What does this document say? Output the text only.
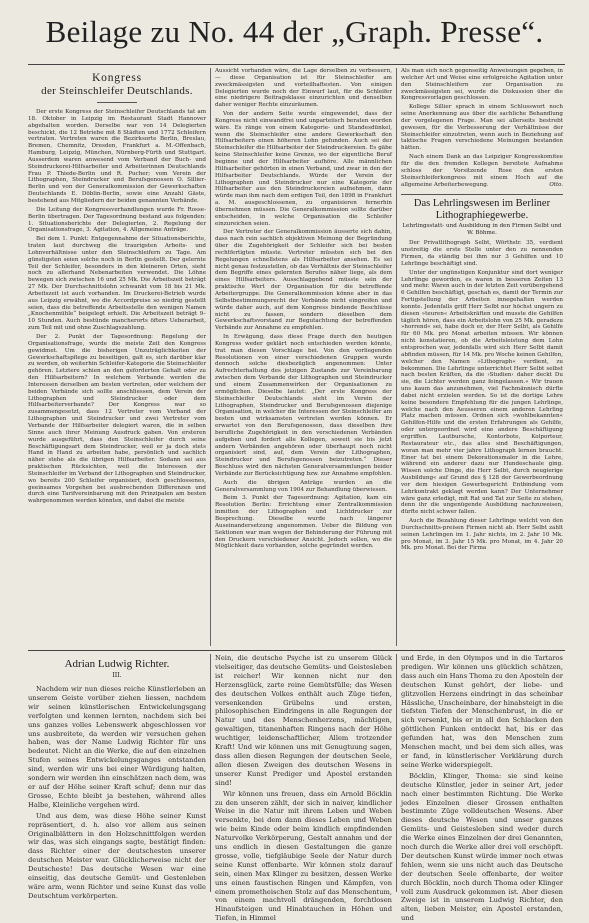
Beilage zu No. 44 der „Graph. Presse“.
Kongress
der Steinschleifer Deutschlands.

Der erste Kongress der Steinschleifer Deutschlands tat am 18. Oktober in Leipzig im Restaurant Stadt Hannover abgehalten worden. Derselbe war von 14 Delegierten beschickt, die 12 Betriebe mit 8 Städten und 1772 Schleifern vertraten. Vertreten waren die Bezirksorte Berlin, Breslau, Bremen, Chemnitz, Dresden, Frankfurt a. M.-Offenbach, Hamburg, Leipzig, München, Nürnberg-Fürth und Stuttgart. Ausserdem waren anwesend vom Verband der Buch- und Steindruckerei-Hilfsarbeiter und Arbeiterinnen Deutschlands Frau P. Thiede-Berlin und R. Pucher; vom Verein der Lithographen, Steindrucker und Berufsgenossen O. Sillier-Berlin und von der Generalkommission der Gewerkschaften Deutschlands E. Döblin-Berlin, sowie eine Anzahl Gäste, bestehend aus Mitgliedern der beiden genannten Verbände.

Die Leitung der Kongressverhandlungen wurde Fr. Rosse-Berlin übertragen. Der Tagesordnung bestand aus folgenden: 1. Situationsberichte der Delegierten, 2. Regelung der Organisationsfrage, 3. Agitation, 4. Allgemeine Anträge.

Bei dem 1. Punkt: Entgegennahme der Situationsberichte, traten laut durchweg die traurigsten Arbeits- und Lohnverhältnisse unter den Steinschleifern zu Tage. Am günstigsten seien solche noch in Berlin gestellt. Der gelernte Teil der Schleifer, besonders in den kleineren Orten, sieht noch zu allerhand Nebenarbeiten verwendet. Die Löhne bewegen sich zwischen 16 und 25 Mk. Die Arbeitszeit beträgt 27 Mk. Der Durchschnittslohn schwankt vom 18 bis 21 Mk. Arbeitszeit ist auch vorhanden. Im Druckerei-Betrieb wurde aus Leipzig erwähnt, wo die Accordpreise so niedrig gestellt seien, dass die betreffende Arbeitsstelle den wenigen Namen „Knochenmühle“ beigelegt erhielt. Die Arbeitszeit beträgt 9–10 Stunden. Auch bestünde mancherorts öfters Ueberarbeit, zum Teil mit und ohne Zuschlagszahlung.

Der 2. Punkt der Tagesordnung: Regelung der Organisationsfrage, wurde die meiste Zeit den Kongress gewidmet. Um die bisherigen Unzuträglichkeiten der Gewerkschaftspflege zu beseitigen, galt es, sich darüber klar zu werden, ob weiterhin Schleifer-Kategorie die Steinschleifer gehören. Letztere schien an den geforderten Gehalt oder zu den Hilfsarbeitern? In welchem Verbande werden die Interessen derselben am besten vertreten, oder welchem der beiden Verbände sich sollte anschliessen, dem Verein der Lithographen und Steindrucker oder dem Hilfsarbeiterverbande? Der Kongress war so zusammengesetzt, dass 12 Vertreter vom Verband der Lithographen und Steindrucker und zwei Vertreter vom Verbande der Hilfsarbeiter delegiert waren, die in selben Sinne auch ihrer Meinung Ausdruck gaben. Von ersteren wurde ausgeführt, dass den Steinschleifer durch seine Beschäftigungsart dem Steindrucker, weil er ja doch stets Hand in Hand zu arbeiten habe, persönlich und sachlich näher stehe als die übrigen Hilfsarbeiter. Sodann sei aus praktischen Rücksichten, weil die Interessen der Steinschleifer im Verband der Lithographen und Steindrucker, wo bereits 200 Schleifer organisiert, doch geschlossenes, geeinsames Vorgehen bei ausbrechenden Differenzen und durch eine Tarifvereinbarung mit den Prinzipalen am besten wahrgenommen werden könnten, und dabei die meiste

Aussicht vorhanden wäre, die Lage derselben zu verbessern, — diese Organisation ist für Steinschleifer am zweckmässigsten und vorteilhaftesten. Von einigen Delegierten wurde noch der Einwurf laut, für die Schleifer eine niedrigere Beitragsklasse einzurichten und denselben daher weniger Rechte einzuräumen.

Von der andern Seite wurde eingewendet, dass der Kongress nicht einwandfrei und unparteiisch beraten worden wäre. Es ränge von einem Kategorie- und Standesdünkel, wenn die Steinschleifer eine andere Gewerkschaft den Hilfsarbeitern einen höheren Lohn gefunden. Auch sei der Steinschleifer die Hilfsarbeiter der Steindruckereien. Es gäbe keine Steinschleifer keine Grenze, wo der eigentliche Beruf beginne und der Hilfsarbeiter aufhöre. Alle männlichen Hilfsarbeiter gehörten in einen Verband, und zwar in den der Hilfsarbeiter Deutschlands. Würde der Verein der Lithographen und Steindrucker nur eine Kategorie der Hilfsarbeiter aus den Steindruckereien aufnehmen, dann würde man ihm nach dem erdigen Teil, den 1898 in Frankfurt a. M. ausgeschlossenen, zu organisieren fernerhin übernehmen müssen. Die Generalkommission sollte darüber entscheiden, in welche Organisation die Schleifer einzureichen seien.

Der Vertreter der Generalkommission äusserte sich dahin, dass nach rein sachlich objektiven Meinung der Begründung über die Zugehörigkeit der Schleifer sich bei besten rechtfertigten müsste. Vertreter müssten sich bei den Regelungen schnellstens als Hilfsarbeiter ansehen. Es sei nicht genau festzustellen, ob das Verhältnis der Steinschleifer dem Begriffe eines gelernten Berufes näher liege, als dem eines Hilfsarbeiters. Ausschlaggebend müsste sein der praktische Wert der Organisation für die betreffende Arbeitergruppe. Die Generalkommission könne aber in das Selbstbestimmungsrecht der Verbände nicht eingreifen und würde daher auch, auf dem Kongress bindende Beschlüsse nicht zu fassen, sondern dieselben dem Gewerkschaftsvorstand zur Begutachtung der betreffenden Verbände zur Annahme zu empfehlen.

In Erwägung, dass diese Frage durch den heutigen Kongress weder geklärt noch entschieden werden könnte, trat man diesen Vorschlage bei. Von den vorliegenden Resolutionen von einer verschiedenen Gruppen wurde dennoch solche diesbezüglich angenommen: Unter Aufrechterhaltung des jetzigen Zustands zur Vereinbarung zwischen dem Verbande der Lithographen und Steindrucker und einem Zusammenwirken der Organisationen zu ermöglichen. Dieselbe lautet: „Der erste Kongress der Steinschleifer Deutschlands sieht im Verein der Lithographen, Steindrucker und Berufsgenossen diejenige Organisation, in welcher die Interessen der Steinschleifer am besten und wirksamsten vertreten werden können. Er erwartet von den Berufsgenossen, dass dieselben ihre berufliche Zugehörigkeit in den verschiedenen Verbänden aufgeben und fordert alle Kollegen, soweit sie bis jetzt andern Verbänden angehören oder überhaupt noch nicht organisiert sind, auf, dem Verein der Lithographen, Steindrucker und Berufsgenossen beizutreten.“ Dieser Beschluss wird den nächsten Generalversammlungen beider Verbände zur Berücksichtigung bzw. zur Annahme empfohlen.

Auch die übrigen Anträge wurden an die Generalversammlung von 1904 zur Behandlung überwiesen.

Beim 3. Punkt der Tagesordnung: Agitation, kam ein Resolution Berlin: Errichtung einer Zentralkommission inmitten der Lithographen und Lichtdrucker zur Besprechung. Dieselbe wurde nach längerer Auseinandersetzung angenommen. Ueber die Bildung von Sektionen war man wegen der Behinderung der Führung mit den Druckern verschiedener Ansicht. Jedoch sollen, wo die Möglichkeit dazu vorhanden, solche gegründet werden.

Als man sich noch gegenseitig Anweisungen gegeben, in welcher Art und Weise eine erfolgreiche Agitation unter den Steinschleifern zur Organisation zu zweckmässigsten sei, wurde die Diskussion über die Kongressvorlagen geschlossen.

Kollege Sillier sprach in einem Schlusswort noch seine Anerkennung aus über die sachliche Behandlung der vorgelegenen Frage. Man sei allerseits bestrebt gewesen, für die Verbesserung der Verhältnisse der Steinschleifer einzutreten, wenn auch in Beziehung auf taktische Fragen verschiedene Meinungen bestanden hätten.

Nach einem Dank an das Leipziger Kongresskomitee für die den fremden Kollegen bereitete Aufnahme schloss der Vorsitzende Rose den ersten Steinschleiferkongress mit einem Hoch auf die allgemeine Arbeiterbewegung.	Otto.
Das Lehrlingswesen im Berliner
Lithographiegewerbe.
Lehrlingsstatt- und Ausbildung in den Firmen Selbt und W. Böhme.

Der Privatlithograph Selbt, Wörthstr. 35, verdient unstreitig die erste Stelle unter den zu nennenden Firmen, da ständig bei ihm nur 3 Gehilfen und 10 Lehrlinge beschäftigt sind.

Unter der ungünstigen Konjunktur sind dort weniger Lehrlinge geworden, es waren in besseren Zeiten 13 und mehr. Waren auch in der letzten Zeit vorübergehend 6 Gehilfen beschäftigt, geschah es, damit der Termin zur Fertigstellung der Arbeiten innegehalten werden konnte. Jedenfalls griff Herr Selbt nur höchst ungern zu diesen »teuren« Arbeitskräften und musste die Gehilfen täglich hören, dass ein Arbeitslohn von 25 Mk. geradezu »horrend« sei, habe doch er, der Herr Selbt, als Gehilfe für 60 Mk. pro Monat arbeiten müssen. Wir können nicht konstatieren, ob die Arbeitsleistung dem Lohn entsprochen war, jedenfalls wird sich Herr Selbt damit abfinden müssen, für 14 Mk. pro Woche keinen Gehilfen, welcher den Namen »Lithograph« verdient, zu bekommen. Die Lehrlinge unterrichtet Herr Selbt selbst nach besten Kräften, da die ›Studien‹ daher deckt Du sie, die Lichter werden ganz feingelassen.« Wir trauen uns kaum das anzunehmen, viel Fachmännisch dürfte dabei nicht erzielen werden. So ist die dortige Lehre keine besondere Empfehlung für die jungen Lehrlinge, welche nach den Aeusseren einem anderen Lehrling Platz machen müssen. Ordnen sich »wohlbekannten« Gehilfen-Hilfe und die ersten Erfahrungen als Gehilfe, oder untergeordnet wird eine andere Beschäftigung ergriffen. Lautbursche, Kontorbote, Kolporteur, Restaurateur etc., das alles sind Beschäftigungen, woran man mehr vier jahre Lithograph lernen braucht. Einer tat bei einem Dekorationsmaler in die Lehre, während ein anderer dazu nur Hundeschaule ging. Wissen solche Dinge, die Herr Selbt, durch neugierige Ausbildung« auf Grund des § 128 der Gewerbeordnung vor dem hiesigen Gewerbsgericht Entbindung vom Lehrkontrakt geklagt werden kann? Der Unternehmer wäre ganz erledigt, mit Rat und Tat zur Seite zu stehen, denn ihr die ungenügende Ausbildung nachzuweisen, dürfte nicht schwer fallen.

Auch die Bezahlung dieser Lehrlinge welcht von den Durchschnitts-preisen Firmen nicht ab. Herr Selbt zahlt seinen Lehrlingen im 1. Jahr nichts, im 2. Jahr 10 Mk. pro Monat, im 3. Jahr 15 Mk. pro Monat, im 4. Jahr 20 Mk. pro Monat. Bei der Firma

Adrian Ludwig Richter.
III.

Nachdem wir nun dieses reiche Künstlerleben an unserem Geiste vorüber ziehen liessen, nachdem wir seinen künstlerischen Entwickelungsgang verfolgten und kennen lernten, nachdem sich bei uns ganzes volles Lebenswerk abgeschlossen vor uns ausbreitete, da werden wir versuchen gehen haben, was der Name Ludwig Richter für uns bedeutet. Nicht an die Werke, die auf den einzelnen Stufen seines Entwickelungsganges entstanden sind, werden wir uns bei einer Würdigung halten, sondern wir werden ihn einschätzen nach dem, was er auf der Höhe seiner Kraft schuf; denn nur das Grosse, Echte bleibt ja bestehen, während alles Halbe, Kleinliche vergehen wird.

Und aus dem, was diese Höhe seiner Kunst repräsentiert, d. h. also vor allem aus seinen Originalblättern in den Holzschnittfolgen werden wir das, was sich eingangs sagte, bestätigt finden: dass Richter einer der deutschesten unserer deutschen Meister war. Glücklicherweise nicht der Deutscheste! Das deutsche Wesen war eine einseitig, das deutsche Gemüt- und Gestenleben wäre arm, wenn Richter und seine Kunst das volle Deutschtum verkörperten.

Nein, die deutsche Psyche ist zu unserem Glück vielseitiger, das deutsche Gemüts- und Geistesleben ist reicher! Wir kennen nicht nur den Herzensglück, zarte reine Gemütsfülle; das Wesen des deutschen Volkes enthält auch Züge tiefen, versenkenden Grübelns und ersten, philosophischen Eindringens in alle Regungen der Natur und des Menschenherzens, mächtigen, gewaltigen, titanenhaften Ringens nach der Höhe wuchtiger, leidenschaftlicher, Allem trotzender Kraft! Und wir können uns mit Genugtuung sagen, dass allen diesen Regungen der deutschen Seele, allen diesen Zweigen des deutschen Wesens in unserer Kunst Prediger und Apostel erstanden sind!

Wir können uns freuen, dass ein Arnold Böcklin zu den unseren zählt, der sich in naiver, kindlicher Weise in die Natur mit ihrem Leben und Weben versenkte, bei dem dann dieses Leben und Weben wie beim Kinde oder beim kindlich empfindenden Naturvolke Verkörperung, Gestalt annahm und der uns endlich in diesen Gestaltungen die ganze grosse, volle, tiefgläubige Seele der Natur durch seine Kunst offenbarte. Wir können stolz darauf sein, einen Max Klinger zu besitzen, dessen Werke uns einen faustischen Ringen und Kämpfen, von einem prometheischen Stolz auf das Menschentum, von einem machtvoll drängenden, forchtlosen Hinaufsteigen und Hinabtauchen in Höhen und Tiefen, in Himmel

und Erde, in den Olympos und in die Tartaros predigen. Wir können uns glücklich schätzen, dass auch ein Hans Thoma zu den Aposteln der deutschen Kunst gehört, der liebe- und glitzvollen Herzens eindringt in das scheinbar Hässliche, Unscheinbare, der hinabsteigt in die tiefsten Tiefen der Menschenbrust, in die er sich versenkt, bis er in all den Schlacken den göttlichen Funken entdeckt hat, bis er das gefunden hat, was den Menschen zum Menschen macht, und bei dem sich alles, was er fand, in künstlerischer Verklärung durch seine Werke widerspiegelt.

Böcklin, Klinger, Thoma: sie sind keine deutsche Künstler, jeder in seiner Art, jeder nach einer bestimmten Richtung. Die Werke jedes Einzelnen dieser Grossen enthalten bestimmte Züge volldeutschen Wesens. Aber dieses deutsche Wesen und unser ganzes Gemüts- und Geistesleben sind weder durch die Werke eines Einzelnen der drei Genannten, noch durch die Werke aller drei voll erschöpft. Der deutschen Kunst würde immer noch etwas fehlen, wenn sie uns nicht auch das Deutsche der deutschen Seele offenbarte, der weiter durch Böcklin, noch durch Thoma oder Klinger voll zum Ausdruck gekommen ist. Aber diesen Zweige ist in unserem Ludwig Richter, den alten, lieben Meister, ein Apostel erstanden, und
